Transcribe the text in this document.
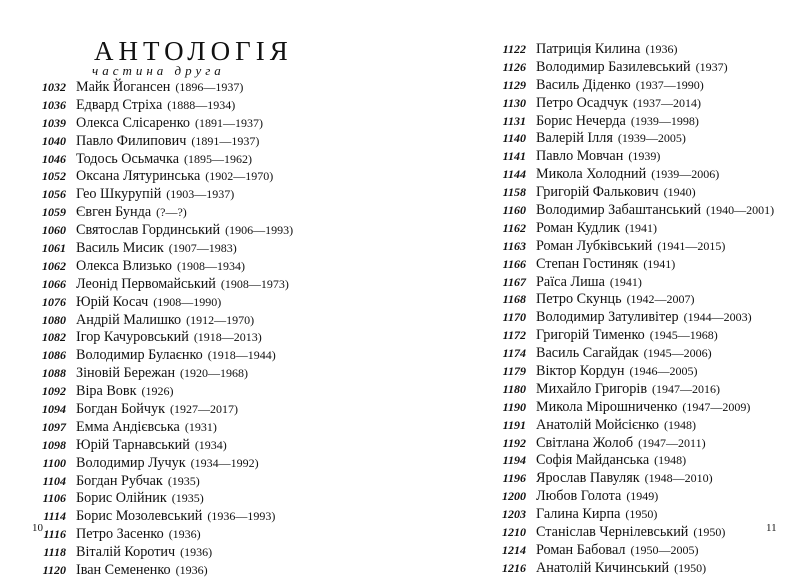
АНТОЛОГІЯ
частина друга
1032 Майк Йогансен (1896—1937)
1036 Едвард Стріха (1888—1934)
1039 Олекса Слісаренко (1891—1937)
1040 Павло Филипович (1891—1937)
1046 Тодось Осьмачка (1895—1962)
1052 Оксана Лятуринська (1902—1970)
1056 Гео Шкурупій (1903—1937)
1059 Євген Бунда (?—?)
1060 Святослав Гординський (1906—1993)
1061 Василь Мисик (1907—1983)
1062 Олекса Влизько (1908—1934)
1066 Леонід Первомайський (1908—1973)
1076 Юрій Косач (1908—1990)
1080 Андрій Малишко (1912—1970)
1082 Ігор Качуровський (1918—2013)
1086 Володимир Булаєнко (1918—1944)
1088 Зіновій Бережан (1920—1968)
1092 Віра Вовк (1926)
1094 Богдан Бойчук (1927—2017)
1097 Емма Андієвська (1931)
1098 Юрій Тарнавський (1934)
1100 Володимир Лучук (1934—1992)
1104 Богдан Рубчак (1935)
1106 Борис Олійник (1935)
1114 Борис Мозолевський (1936—1993)
1116 Петро Засенко (1936)
1118 Віталій Коротич (1936)
1120 Іван Семененко (1936)
10
1122 Патриція Килина (1936)
1126 Володимир Базилевський (1937)
1129 Василь Діденко (1937—1990)
1130 Петро Осадчук (1937—2014)
1131 Борис Нечерда (1939—1998)
1140 Валерій Ілля (1939—2005)
1141 Павло Мовчан (1939)
1144 Микола Холодний (1939—2006)
1158 Григорій Фалькович (1940)
1160 Володимир Забаштанський (1940—2001)
1162 Роман Кудлик (1941)
1163 Роман Лубківський (1941—2015)
1166 Степан Гостиняк (1941)
1167 Раїса Лиша (1941)
1168 Петро Скунць (1942—2007)
1170 Володимир Затуливітер (1944—2003)
1172 Григорій Тименко (1945—1968)
1174 Василь Сагайдак (1945—2006)
1179 Віктор Кордун (1946—2005)
1180 Михайло Григорів (1947—2016)
1190 Микола Мірошниченко (1947—2009)
1191 Анатолій Мойсієнко (1948)
1192 Світлана Жолоб (1947—2011)
1194 Софія Майданська (1948)
1196 Ярослав Павуляк (1948—2010)
1200 Любов Голота (1949)
1203 Галина Кирпа (1950)
1210 Станіслав Чернілевський (1950)
1214 Роман Бабовал (1950—2005)
1216 Анатолій Кичинський (1950)
11
